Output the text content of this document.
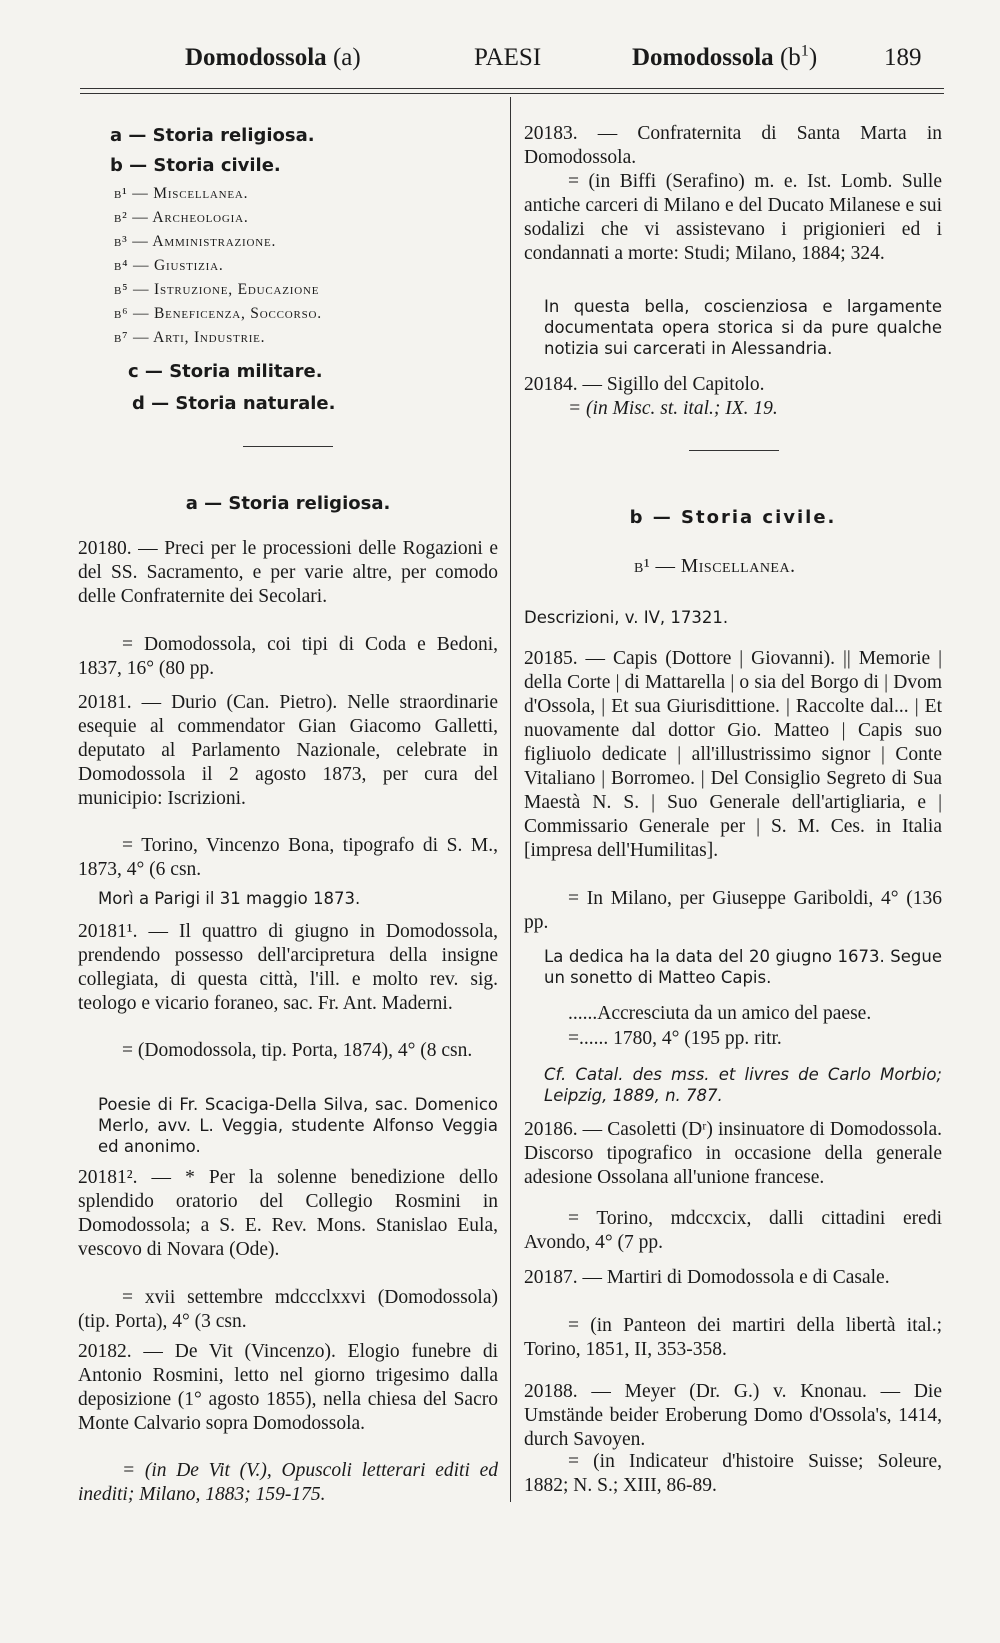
Domodossola (a)	PAESI	Domodossola $(b^1)$	189
a — Storia religiosa.
b — Storia civile.
b¹ — Miscellanea.
b² — Archeologia.
b³ — Amministrazione.
b⁴ — Giustizia.
b⁵ — Istruzione, Educazione
b⁶ — Beneficenza, Soccorso.
b⁷ — Arti, Industrie.
c — Storia militare.
d — Storia naturale.
a — Storia religiosa.
20180. — Preci per le processioni delle Rogazioni e del SS. Sacramento, e per varie altre, per comodo delle Confraternite dei Secolari.
= Domodossola, coi tipi di Coda e Bedoni, 1837, 16° (80 pp.
20181. — Durio (Can. Pietro). Nelle straordinarie esequie al commendator Gian Giacomo Galletti, deputato al Parlamento Nazionale, celebrate in Domodossola il 2 agosto 1873, per cura del municipio: Iscrizioni.
= Torino, Vincenzo Bona, tipografo di S. M., 1873, 4° (6 csn.
Morì a Parigi il 31 maggio 1873.
20181¹. — Il quattro di giugno in Domodossola, prendendo possesso dell'arcipretura della insigne collegiata, di questa città, l'ill. e molto rev. sig. teologo e vicario foraneo, sac. Fr. Ant. Maderni.
= (Domodossola, tip. Porta, 1874), 4° (8 csn.
Poesie di Fr. Scaciga-Della Silva, sac. Domenico Merlo, avv. L. Veggia, studente Alfonso Veggia ed anonimo.
20181². — * Per la solenne benedizione dello splendido oratorio del Collegio Rosmini in Domodossola; a S. E. Rev. Mons. Stanislao Eula, vescovo di Novara (Ode).
= xvii settembre mdccclxxvi (Domodossola) (tip. Porta), 4° (3 csn.
20182. — De Vit (Vincenzo). Elogio funebre di Antonio Rosmini, letto nel giorno trigesimo dalla deposizione (1° agosto 1855), nella chiesa del Sacro Monte Calvario sopra Domodossola.
= (in De Vit (V.), Opuscoli letterari editi ed inediti; Milano, 1883; 159-175.
20183. — Confraternita di Santa Marta in Domodossola.
= (in Biffi (Serafino) m. e. Ist. Lomb. Sulle antiche carceri di Milano e del Ducato Milanese e sui sodalizi che vi assistevano i prigionieri ed i condannati a morte: Studi; Milano, 1884; 324.
In questa bella, coscienziosa e largamente documentata opera storica si da pure qualche notizia sui carcerati in Alessandria.
20184. — Sigillo del Capitolo.
= (in Misc. st. ital.; IX. 19.
b — Storia civile.
b¹ — Miscellanea.
Descrizioni, v. IV, 17321.
20185. — Capis (Dottore | Giovanni). || Memorie | della Corte | di Mattarella | o sia del Borgo di | Dvom d'Ossola, | Et sua Giurisdittione. | Raccolte dal... | Et nuovamente dal dottor Gio. Matteo | Capis suo figliuolo dedicate | all'illustrissimo signor | Conte Vitaliano | Borromeo. | Del Consiglio Segreto di Sua Maestà N. S. | Suo Generale dell'artigliaria, e | Commissario Generale per | S. M. Ces. in Italia [impresa dell'Humilitas].
= In Milano, per Giuseppe Gariboldi, 4° (136 pp.
La dedica ha la data del 20 giugno 1673. Segue un sonetto di Matteo Capis.
......Accresciuta da un amico del paese.
=...... 1780, 4° (195 pp. ritr.
Cf. Catal. des mss. et livres de Carlo Morbio; Leipzig, 1889, n. 787.
20186. — Casoletti (Dʳ) insinuatore di Domodossola. Discorso tipografico in occasione della generale adesione Ossolana all'unione francese.
= Torino, mdccxcix, dalli cittadini eredi Avondo, 4° (7 pp.
20187. — Martiri di Domodossola e di Casale.
= (in Panteon dei martiri della libertà ital.; Torino, 1851, II, 353-358.
20188. — Meyer (Dr. G.) v. Knonau. — Die Umstände beider Eroberung Domo d'Ossola's, 1414, durch Savoyen.
= (in Indicateur d'histoire Suisse; Soleure, 1882; N. S.; XIII, 86-89.
